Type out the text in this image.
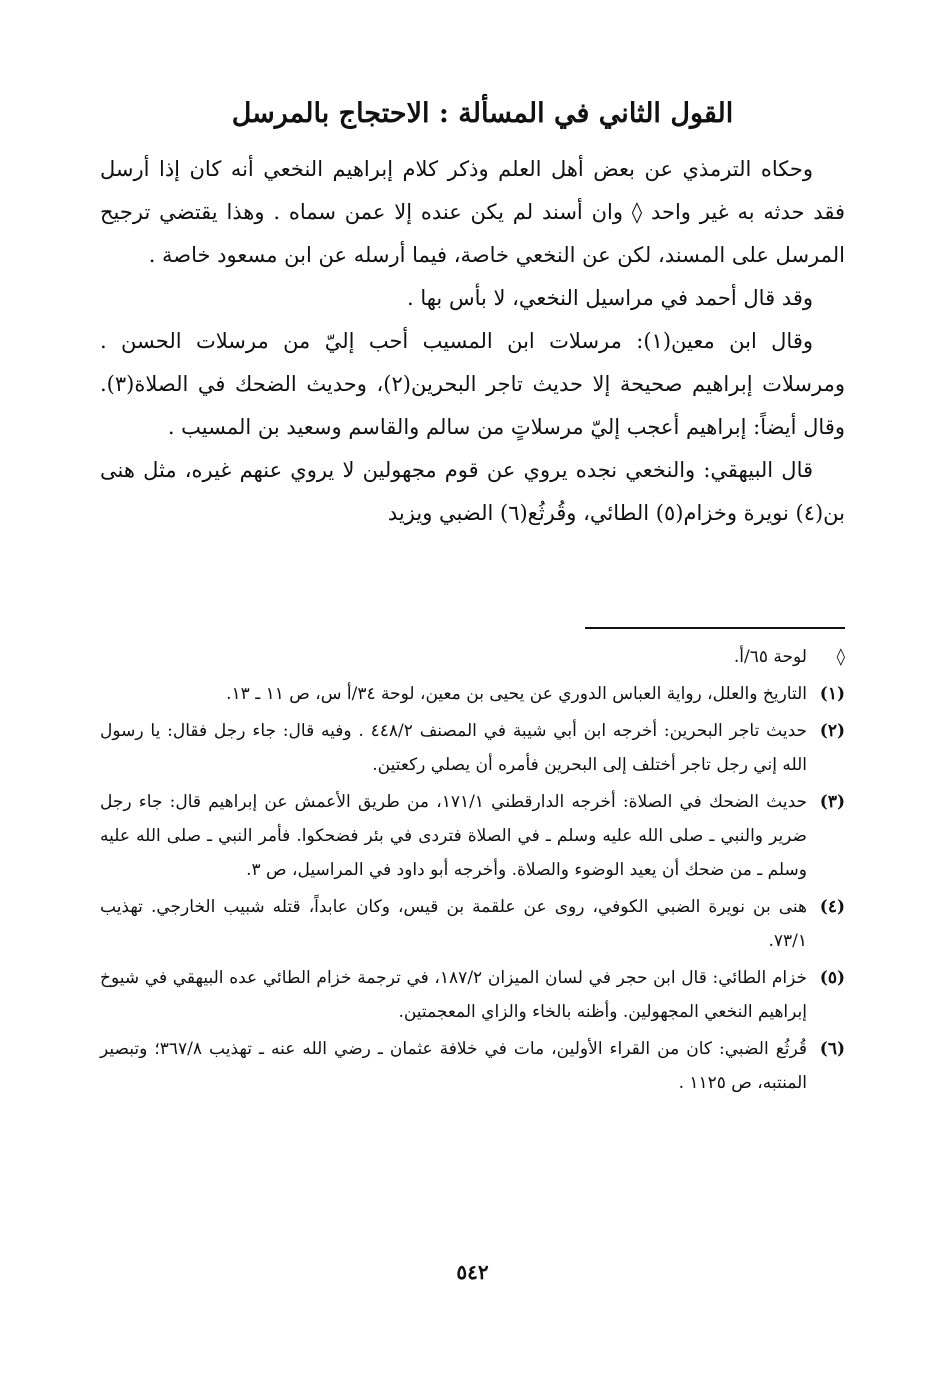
القول الثاني في المسألة : الاحتجاج بالمرسل

وحكاه الترمذي عن بعض أهل العلم وذكر كلام إبراهيم النخعي أنه كان إذا أرسل فقد حدثه به غير واحد ◊ وان أسند لم يكن عنده إلا عمن سماه . وهذا يقتضي ترجيح المرسل على المسند، لكن عن النخعي خاصة، فيما أرسله عن ابن مسعود خاصة .

وقد قال أحمد في مراسيل النخعي، لا بأس بها .

وقال ابن معين(١): مرسلات ابن المسيب أحب إليّ من مرسلات الحسن . ومرسلات إبراهيم صحيحة إلا حديث تاجر البحرين(٢)، وحديث الضحك في الصلاة(٣). وقال أيضاً: إبراهيم أعجب إليّ مرسلاتٍ من سالم والقاسم وسعيد بن المسيب .

قال البيهقي: والنخعي نجده يروي عن قوم مجهولين لا يروي عنهم غيره، مثل هنى بن(٤) نويرة وخزام(٥) الطائي، وقُرثُع(٦) الضبي ويزيد

◊
لوحة ٦٥/أ.
(١)
التاريخ والعلل، رواية العباس الدوري عن يحيى بن معين، لوحة ٣٤/أ س، ص ١١ ـ ١٣.
(٢)
حديث تاجر البحرين: أخرجه ابن أبي شيبة في المصنف ٤٤٨/٢ . وفيه قال: جاء رجل فقال: يا رسول الله إني رجل تاجر أختلف إلى البحرين فأمره أن يصلي ركعتين.
(٣)
حديث الضحك في الصلاة: أخرجه الدارقطني ١٧١/١، من طريق الأعمش عن إبراهيم قال: جاء رجل ضرير والنبي ـ صلى الله عليه وسلم ـ في الصلاة فتردى في بئر فضحكوا. فأمر النبي ـ صلى الله عليه وسلم ـ من ضحك أن يعيد الوضوء والصلاة. وأخرجه أبو داود في المراسيل، ص ٣.
(٤)
هنى بن نويرة الضبي الكوفي، روى عن علقمة بن قيس، وكان عابداً، قتله شبيب الخارجي. تهذيب ٧٣/١.
(٥)
خزام الطائي: قال ابن حجر في لسان الميزان ١٨٧/٢، في ترجمة خزام الطائي عده البيهقي في شيوخ إبراهيم النخعي المجهولين. وأظنه بالخاء والزاي المعجمتين.
(٦)
قُرثُع الضبي: كان من القراء الأولين، مات في خلافة عثمان ـ رضي الله عنه ـ تهذيب ٣٦٧/٨؛ وتبصير المنتبه، ص ١١٢٥ .
٥٤٢
